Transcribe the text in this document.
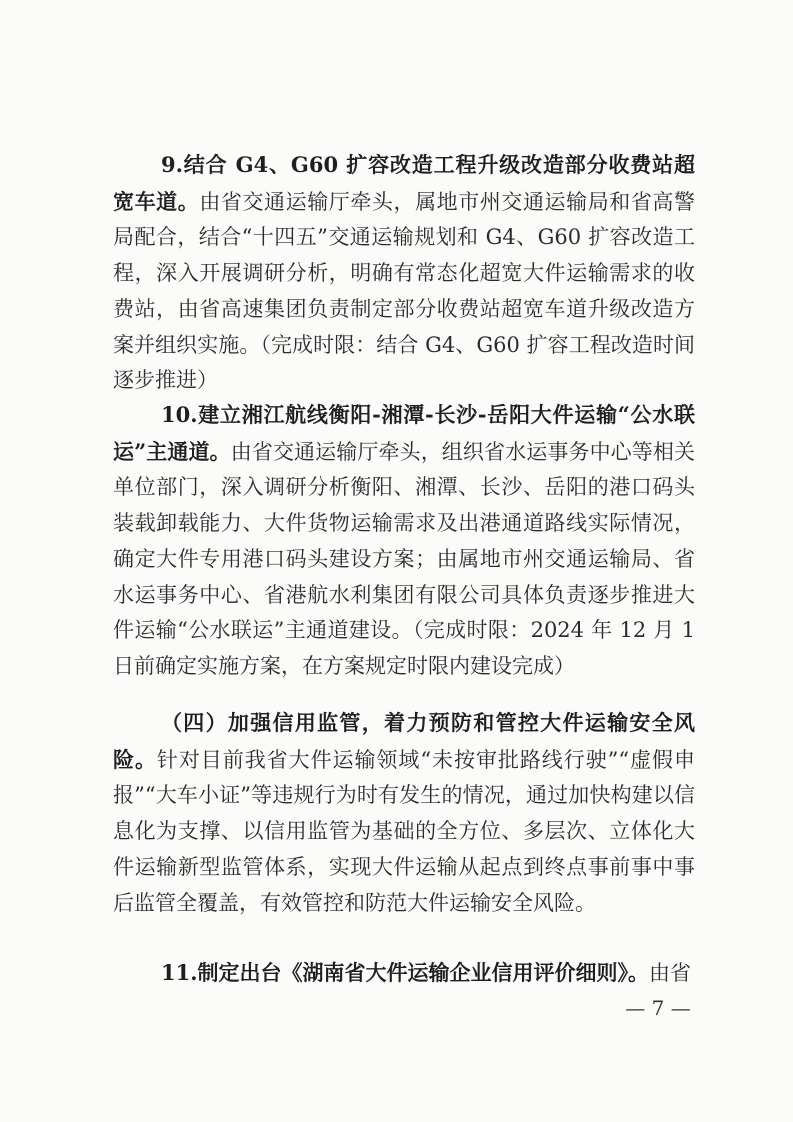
9.结合 G4、G60 扩容改造工程升级改造部分收费站超宽车道。由省交通运输厅牵头，属地市州交通运输局和省高警局配合，结合“十四五”交通运输规划和 G4、G60 扩容改造工程，深入开展调研分析，明确有常态化超宽大件运输需求的收费站，由省高速集团负责制定部分收费站超宽车道升级改造方案并组织实施。（完成时限：结合 G4、G60 扩容工程改造时间逐步推进）

10.建立湘江航线衡阳-湘潭-长沙-岳阳大件运输“公水联运”主通道。由省交通运输厅牵头，组织省水运事务中心等相关单位部门，深入调研分析衡阳、湘潭、长沙、岳阳的港口码头装载卸载能力、大件货物运输需求及出港通道路线实际情况，确定大件专用港口码头建设方案；由属地市州交通运输局、省水运事务中心、省港航水利集团有限公司具体负责逐步推进大件运输“公水联运”主通道建设。（完成时限：2024 年 12 月 1 日前确定实施方案，在方案规定时限内建设完成）

（四）加强信用监管，着力预防和管控大件运输安全风险。针对目前我省大件运输领域“未按审批路线行驶”“虚假申报”“大车小证”等违规行为时有发生的情况，通过加快构建以信息化为支撑、以信用监管为基础的全方位、多层次、立体化大件运输新型监管体系，实现大件运输从起点到终点事前事中事后监管全覆盖，有效管控和防范大件运输安全风险。

11.制定出台《湖南省大件运输企业信用评价细则》。由省

— 7 —
